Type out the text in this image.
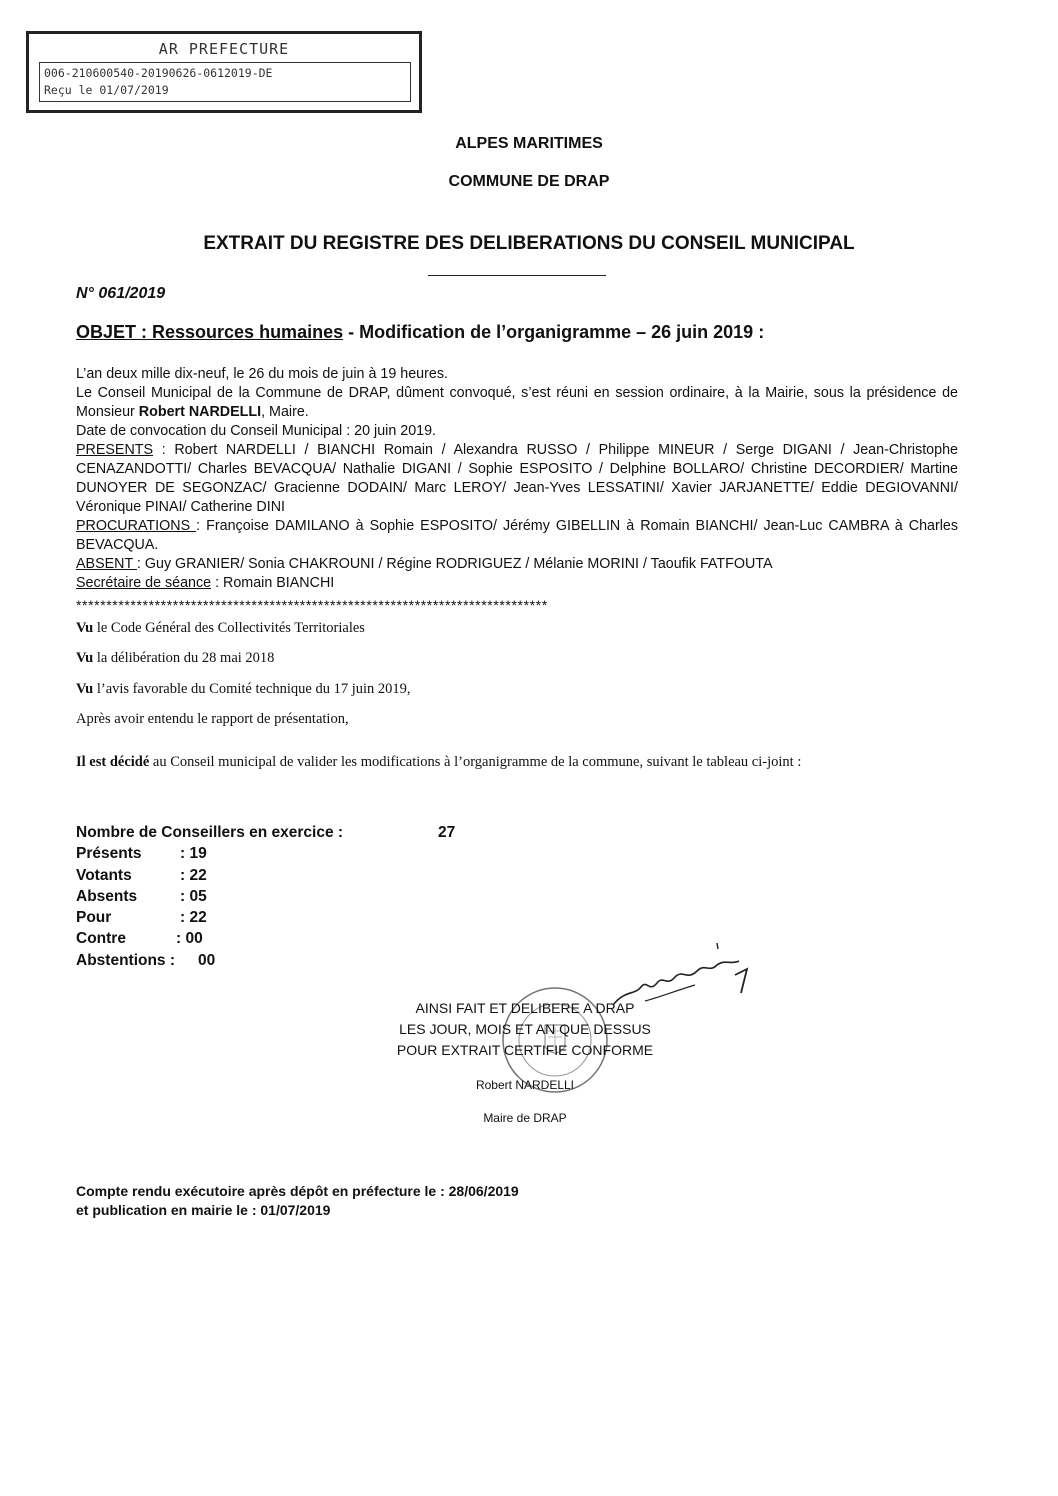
AR PREFECTURE
006-210600540-20190626-0612019-DE
Reçu le 01/07/2019
ALPES MARITIMES
COMMUNE DE DRAP
EXTRAIT DU REGISTRE DES DELIBERATIONS DU CONSEIL MUNICIPAL
N° 061/2019
OBJET : Ressources humaines - Modification de l’organigramme – 26 juin 2019 :

L’an deux mille dix-neuf, le 26 du mois de juin à 19 heures.

Le Conseil Municipal de la Commune de DRAP, dûment convoqué, s’est réuni en session ordinaire, à la Mairie, sous la présidence de Monsieur Robert NARDELLI, Maire.

Date de convocation du Conseil Municipal : 20 juin 2019.

PRESENTS : Robert NARDELLI / BIANCHI Romain / Alexandra RUSSO / Philippe MINEUR / Serge DIGANI / Jean-Christophe CENAZANDOTTI/ Charles BEVACQUA/ Nathalie DIGANI / Sophie ESPOSITO / Delphine BOLLARO/ Christine DECORDIER/ Martine DUNOYER DE SEGONZAC/ Gracienne DODAIN/ Marc LEROY/ Jean-Yves LESSATINI/ Xavier JARJANETTE/ Eddie DEGIOVANNI/ Véronique PINAI/ Catherine DINI

PROCURATIONS : Françoise DAMILANO à Sophie ESPOSITO/ Jérémy GIBELLIN à Romain BIANCHI/ Jean-Luc CAMBRA à Charles BEVACQUA.

ABSENT : Guy GRANIER/ Sonia CHAKROUNI / Régine RODRIGUEZ / Mélanie MORINI / Taoufik FATFOUTA

Secrétaire de séance : Romain BIANCHI

******************************************************************************
Vu le Code Général des Collectivités Territoriales
Vu la délibération du 28 mai 2018
Vu l’avis favorable du Comité technique du 17 juin 2019,
Après avoir entendu le rapport de présentation,
Il est décidé au Conseil municipal de valider les modifications à l’organigramme de la commune, suivant le tableau ci-joint :
Nombre de Conseillers en exercice :	27
Présents : 19
Votants	: 22
Absents	: 05
Pour	: 22
Contre	: 00
Abstentions : 00
AINSI FAIT ET DELIBERE A DRAP
LES JOUR, MOIS ET AN QUE DESSUS
POUR EXTRAIT CERTIFIE CONFORME
Robert NARDELLI
Maire de DRAP
Compte rendu exécutoire après dépôt en préfecture le : 28/06/2019
et publication en mairie le : 01/07/2019
